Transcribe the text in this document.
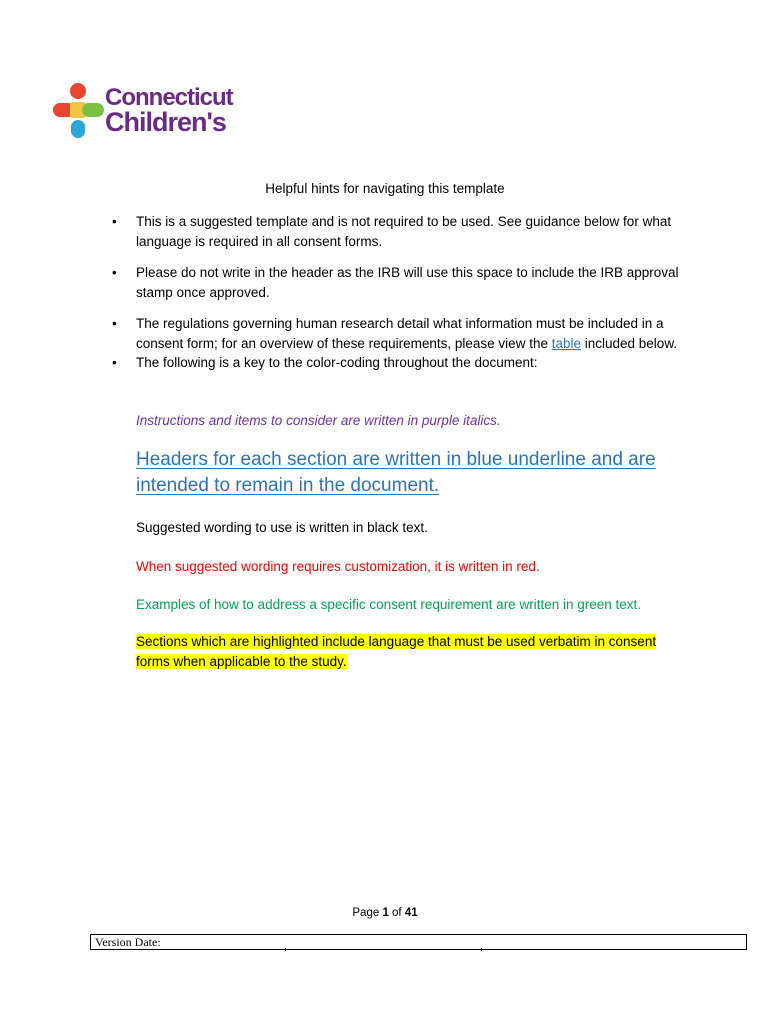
Connecticut
Children's
Helpful hints for navigating this template
• This is a suggested template and is not required to be used. See guidance below for what language is required in all consent forms.
• Please do not write in the header as the IRB will use this space to include the IRB approval stamp once approved.
• The regulations governing human research detail what information must be included in a consent form; for an overview of these requirements, please view the table included below.
• The following is a key to the color-coding throughout the document:
Instructions and items to consider are written in purple italics.
Headers for each section are written in blue underline and are intended to remain in the document.
Suggested wording to use is written in black text.
When suggested wording requires customization, it is written in red.
Examples of how to address a specific consent requirement are written in green text.
Sections which are highlighted include language that must be used verbatim in consent forms when applicable to the study.
Page 1 of 41
Version Date:
